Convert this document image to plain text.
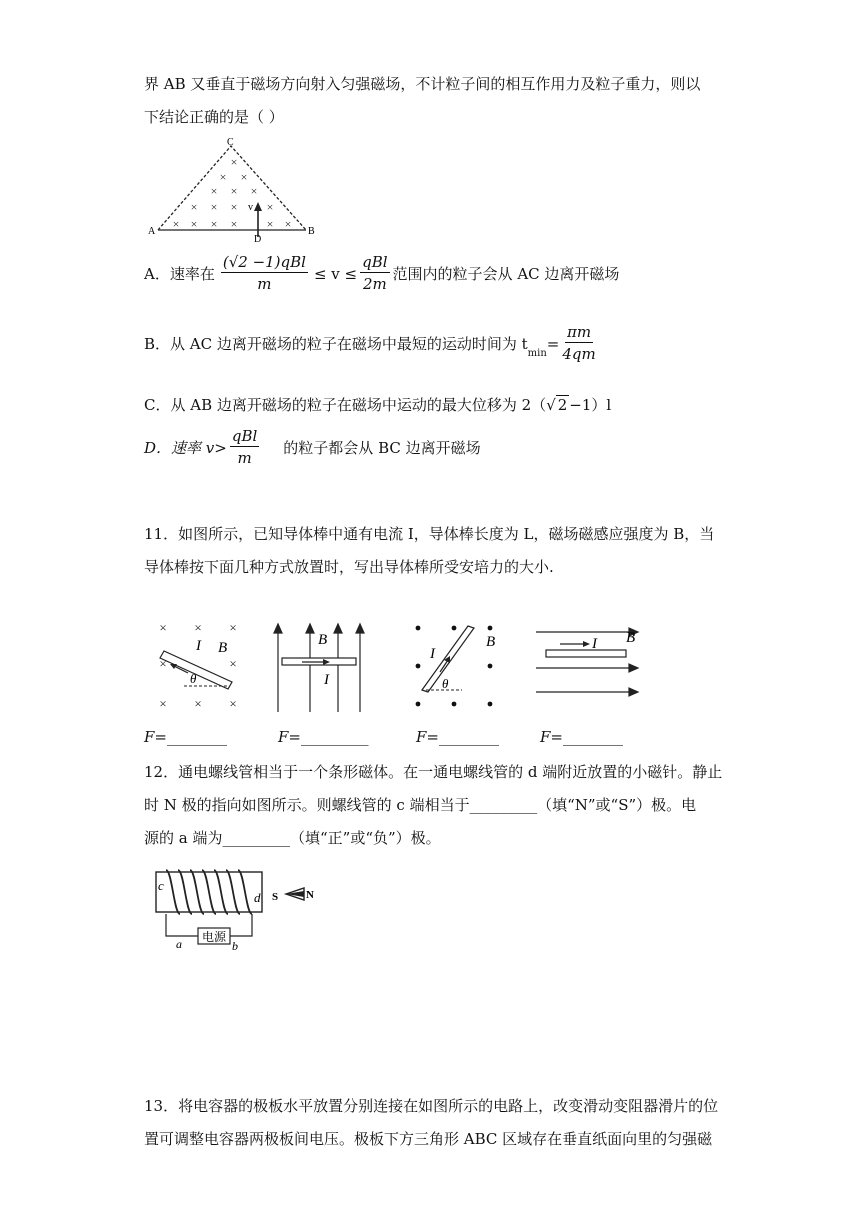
界 AB 又垂直于磁场方向射入匀强磁场，不计粒子间的相互作用力及粒子重力，则以
下结论正确的是（ ）
×
× ×
× × ×
× × × ×
× × × × × ×
C
A	B
D
v
A．速率在 $\frac{\text{(√2 −1)qBl}}{m} \le v \le \frac{\text{qBl}}{2m}$ 范围内的粒子会从 AC 边离开磁场
B．从 AC 边离开磁场的粒子在磁场中最短的运动时间为 t
$_{min}$
= $\frac{\pi m}{4qm}$
C．从 AB 边离开磁场的粒子在磁场中运动的最大位移为 2（√ 2 −1）l
D．速率 $v > \frac{\text{qBl}}{m}$ 的粒子都会从 BC 边离开磁场
11．如图所示，已知导体棒中通有电流 I，导体棒长度为 L，磁场磁感应强度为 B，当
导体棒按下面几种方式放置时，写出导体棒所受安培力的大小.
× × ×
×	×
× × ×
I B
θ
B
I
I
B
θ
I B
F=________	F=_________	F=________	F=________
12．通电螺线管相当于一个条形磁体。在一通电螺线管的 d 端附近放置的小磁针。静止
时 N 极的指向如图所示。则螺线管的 c 端相当于_________（填“N”或“S”）极。电
源的 a 端为_________（填“正”或“负”）极。
c
d S	N
电源
a	b
13．将电容器的极板水平放置分别连接在如图所示的电路上，改变滑动变阻器滑片的位
置可调整电容器两极板间电压。极板下方三角形 ABC 区域存在垂直纸面向里的匀强磁
